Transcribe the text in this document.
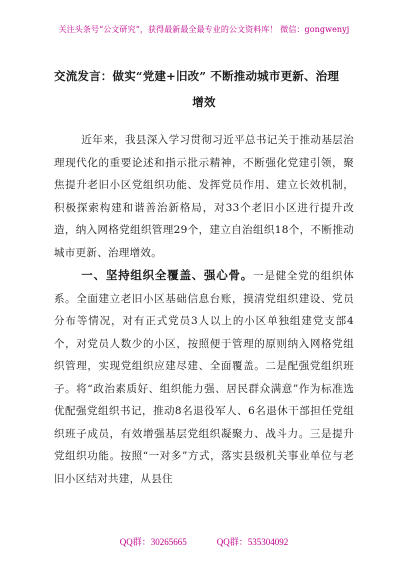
关注头条号“公文研究”，获得最新最全最专业的公文资料库！ 微信：gongwenyj
交流发言：做实“党建+旧改” 不断推动城市更新、治理
增效

近年来，我县深入学习贯彻习近平总书记关于推动基层治理现代化的重要论述和指示批示精神，不断强化党建引领，聚焦提升老旧小区党组织功能、发挥党员作用、建立长效机制，积极探索构建和谐善治新格局，对33个老旧小区进行提升改造，纳入网格党组织管理29个，建立自治组织18个，不断推动城市更新、治理增效。

一、坚持组织全覆盖、强心骨。一是健全党的组织体系。全面建立老旧小区基础信息台账，摸清党组织建设、党员分布等情况，对有正式党员3人以上的小区单独组建党支部4个，对党员人数少的小区，按照便于管理的原则纳入网格党组织管理，实现党组织应建尽建、全面覆盖。二是配强党组织班子。将“政治素质好、组织能力强、居民群众满意”作为标准选优配强党组织书记，推动8名退役军人、6名退休干部担任党组织班子成员，有效增强基层党组织凝聚力、战斗力。三是提升党组织功能。按照“一对多”方式，落实县级机关事业单位与老旧小区结对共建，从县住

QQ群：30265665	QQ群：535304092
